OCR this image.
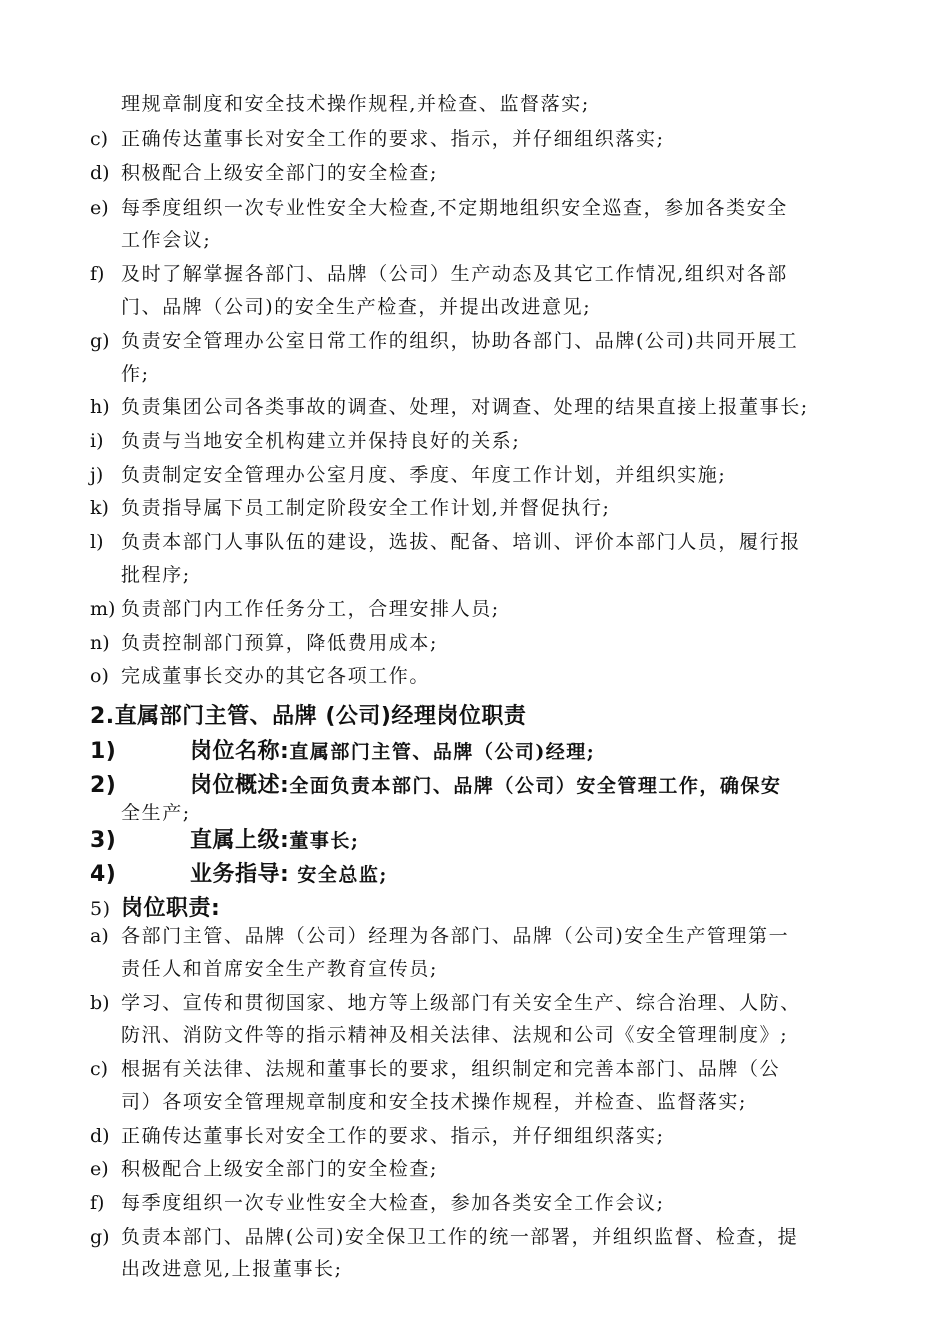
理规章制度和安全技术操作规程,并检查、监督落实;
c) 正确传达董事长对安全工作的要求、指示，并仔细组织落实;
d) 积极配合上级安全部门的安全检查;
e) 每季度组织一次专业性安全大检查,不定期地组织安全巡查，参加各类安全
工作会议;
f) 及时了解掌握各部门、品牌（公司）生产动态及其它工作情况,组织对各部
门、品牌（公司)的安全生产检查，并提出改进意见;
g) 负责安全管理办公室日常工作的组织，协助各部门、品牌(公司)共同开展工
作;
h) 负责集团公司各类事故的调查、处理，对调查、处理的结果直接上报董事长;
i) 负责与当地安全机构建立并保持良好的关系;
j) 负责制定安全管理办公室月度、季度、年度工作计划，并组织实施;
k) 负责指导属下员工制定阶段安全工作计划,并督促执行;
l) 负责本部门人事队伍的建设，选拔、配备、培训、评价本部门人员，履行报
批程序;
m) 负责部门内工作任务分工，合理安排人员;
n) 负责控制部门预算，降低费用成本;
o) 完成董事长交办的其它各项工作。
2.直属部门主管、品牌 (公司)经理岗位职责
1)	岗位名称:直属部门主管、品牌（公司)经理;
2)	岗位概述:全面负责本部门、品牌（公司）安全管理工作，确保安
全生产;
3)	直属上级:董事长;
4)	业务指导: 安全总监;
5) 岗位职责:
a) 各部门主管、品牌（公司）经理为各部门、品牌（公司)安全生产管理第一
责任人和首席安全生产教育宣传员;
b) 学习、宣传和贯彻国家、地方等上级部门有关安全生产、综合治理、人防、
防汛、消防文件等的指示精神及相关法律、法规和公司《安全管理制度》;
c) 根据有关法律、法规和董事长的要求，组织制定和完善本部门、品牌（公
司）各项安全管理规章制度和安全技术操作规程，并检查、监督落实;
d) 正确传达董事长对安全工作的要求、指示，并仔细组织落实;
e) 积极配合上级安全部门的安全检查;
f) 每季度组织一次专业性安全大检查，参加各类安全工作会议;
g) 负责本部门、品牌(公司)安全保卫工作的统一部署，并组织监督、检查，提
出改进意见,上报董事长;
